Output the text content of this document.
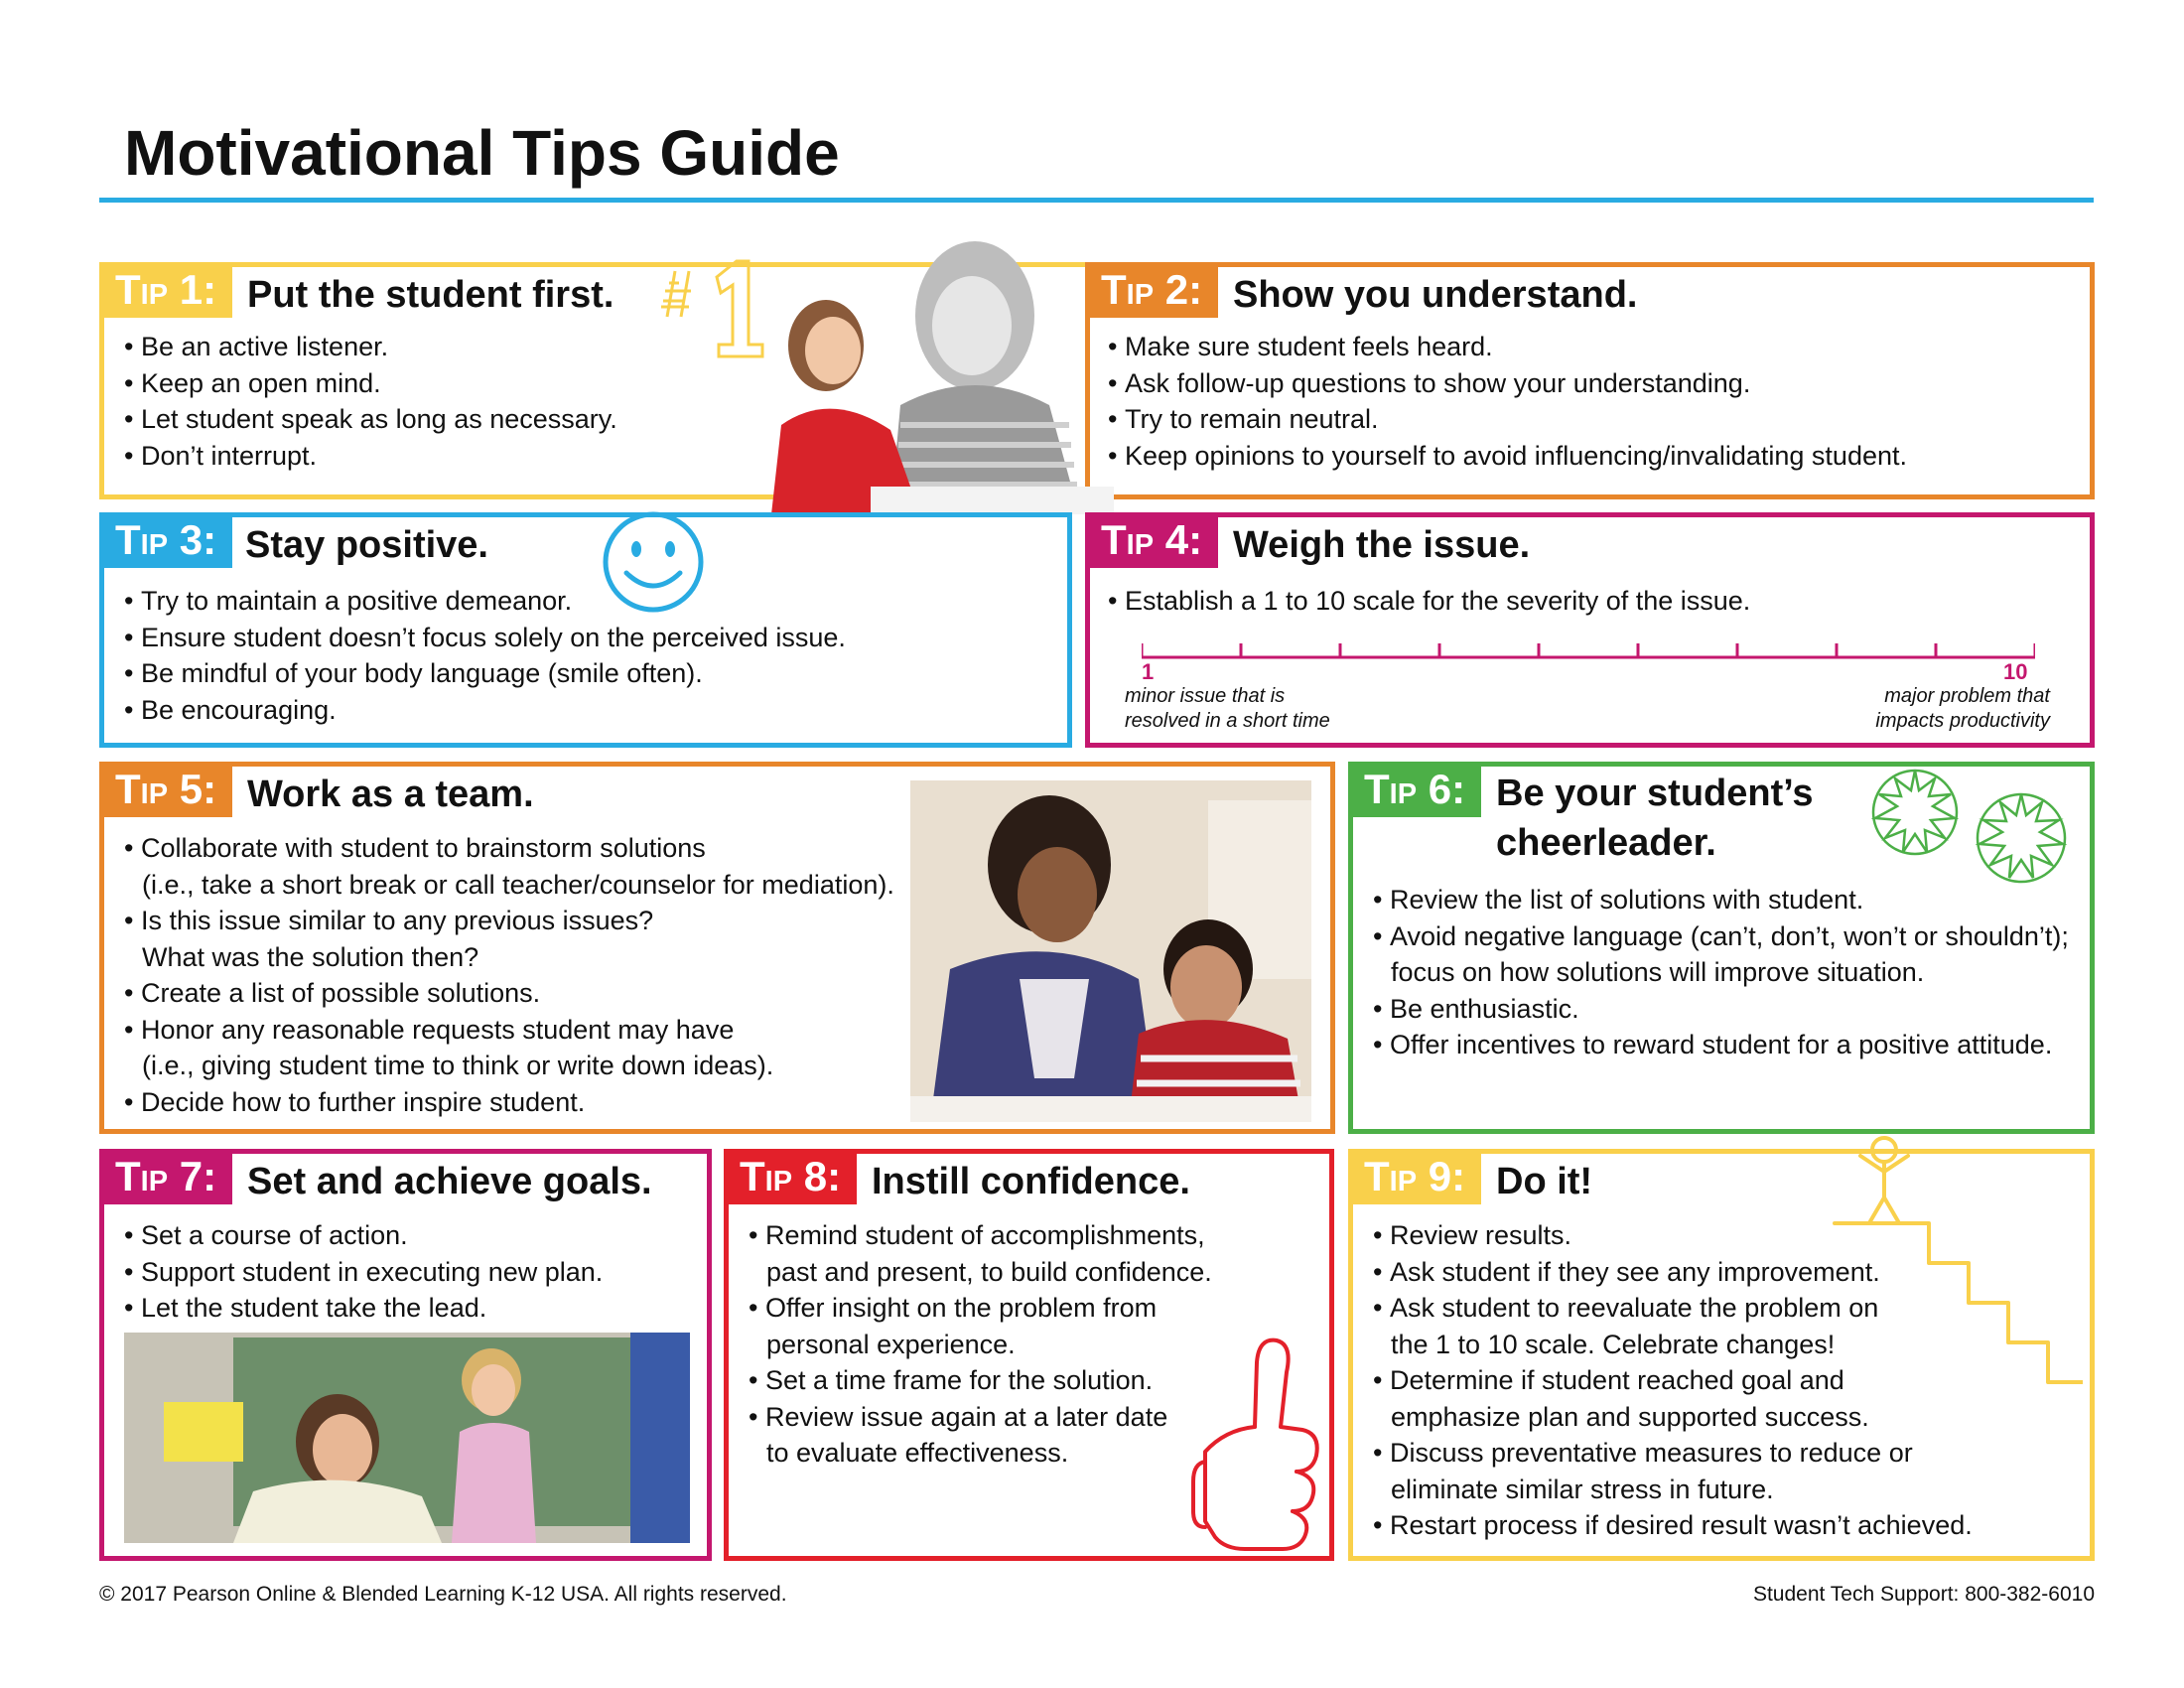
Motivational Tips Guide
TIP 1: Put the student first.
• Be an active listener.
• Keep an open mind.
• Let student speak as long as necessary.
• Don’t interrupt.
TIP 2: Show you understand.
• Make sure student feels heard.
• Ask follow-up questions to show your understanding.
• Try to remain neutral.
• Keep opinions to yourself to avoid influencing/invalidating student.
TIP 3: Stay positive.
• Try to maintain a positive demeanor.
• Ensure student doesn’t focus solely on the perceived issue.
• Be mindful of your body language (smile often).
• Be encouraging.
TIP 4: Weigh the issue.
• Establish a 1 to 10 scale for the severity of the issue.
1	10
minor issue that is
resolved in a short time
major problem that
impacts productivity
TIP 5: Work as a team.
• Collaborate with student to brainstorm solutions
(i.e., take a short break or call teacher/counselor for mediation).
• Is this issue similar to any previous issues?
What was the solution then?
• Create a list of possible solutions.
• Honor any reasonable requests student may have
(i.e., giving student time to think or write down ideas).
• Decide how to further inspire student.
TIP 6: Be your student’s
cheerleader.
• Review the list of solutions with student.
• Avoid negative language (can’t, don’t, won’t or shouldn’t);
focus on how solutions will improve situation.
• Be enthusiastic.
• Offer incentives to reward student for a positive attitude.
TIP 7: Set and achieve goals.
• Set a course of action.
• Support student in executing new plan.
• Let the student take the lead.
TIP 8: Instill confidence.
• Remind student of accomplishments,
past and present, to build confidence.
• Offer insight on the problem from
personal experience.
• Set a time frame for the solution.
• Review issue again at a later date
to evaluate effectiveness.
TIP 9: Do it!
• Review results.
• Ask student if they see any improvement.
• Ask student to reevaluate the problem on
the 1 to 10 scale. Celebrate changes!
• Determine if student reached goal and
emphasize plan and supported success.
• Discuss preventative measures to reduce or
eliminate similar stress in future.
• Restart process if desired result wasn’t achieved.
© 2017 Pearson Online & Blended Learning K-12 USA. All rights reserved.	Student Tech Support: 800-382-6010
